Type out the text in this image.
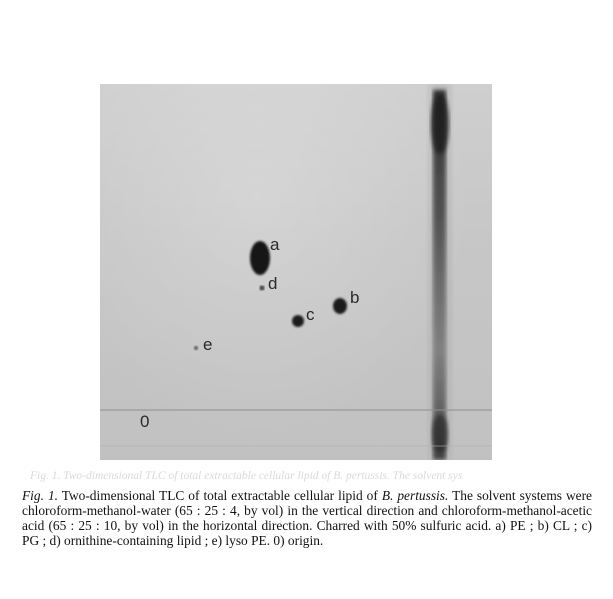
a
d
b
c
e
0
Fig. 1. Two-dimensional TLC of total extractable cellular lipid of B. pertussis. The solvent sys
Fig. 1. Two-dimensional TLC of total extractable cellular lipid of B. pertussis. The solvent systems were chloroform-methanol-water (65 : 25 : 4, by vol) in the vertical direction and chloroform-methanol-acetic acid (65 : 25 : 10, by vol) in the horizontal direction. Charred with 50% sulfuric acid. a) PE ; b) CL ; c) PG ; d) ornithine-containing lipid ; e) lyso PE. 0) origin.
